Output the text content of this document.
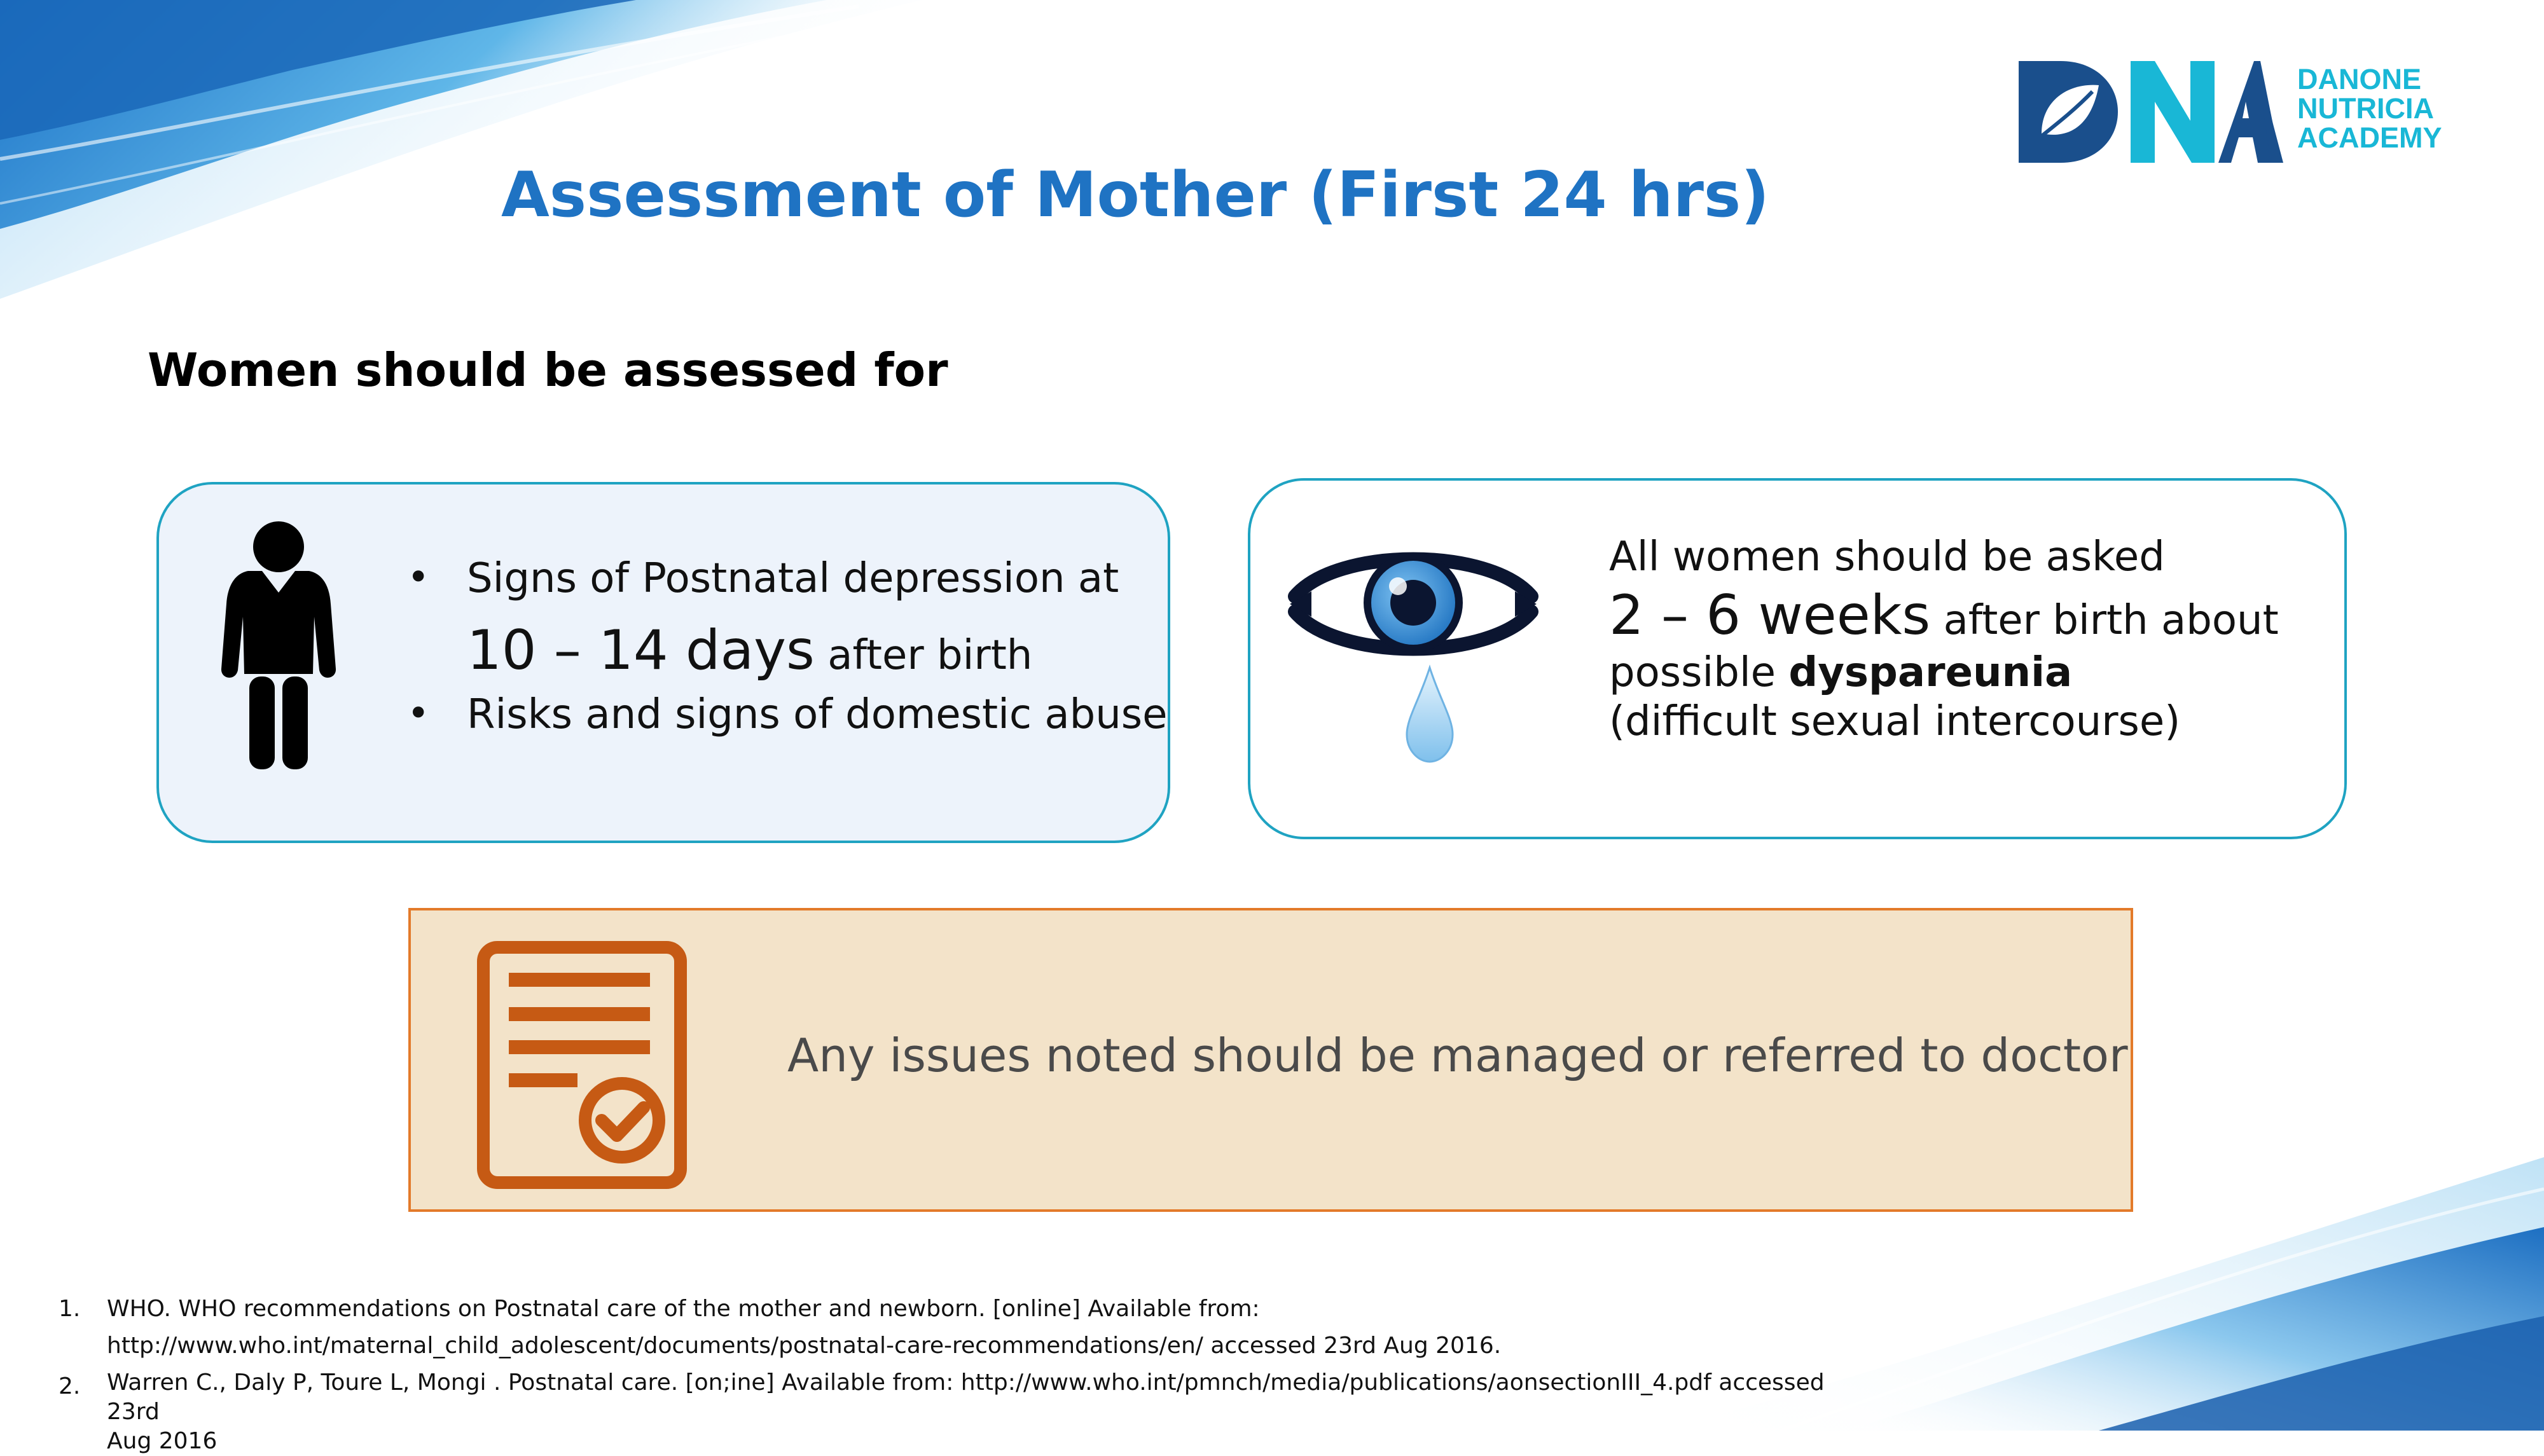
DANONE
NUTRICIA
ACADEMY
Assessment of Mother (First 24 hrs)
Women should be assessed for
• Signs of Postnatal depression at
10 – 14 days after birth
• Risks and signs of domestic abuse
All women should be asked
2 – 6 weeks after birth about
possible dyspareunia
(difficult sexual intercourse)
Any issues noted should be managed or referred to doctor
1. WHO. WHO recommendations on Postnatal care of the mother and newborn. [online] Available from:
http://www.who.int/maternal_child_adolescent/documents/postnatal-care-recommendations/en/ accessed 23rd Aug 2016.
2. Warren C., Daly P, Toure L, Mongi . Postnatal care. [on;ine] Available from: http://www.who.int/pmnch/media/publications/aonsectionIII_4.pdf accessed 23rd
Aug 2016
